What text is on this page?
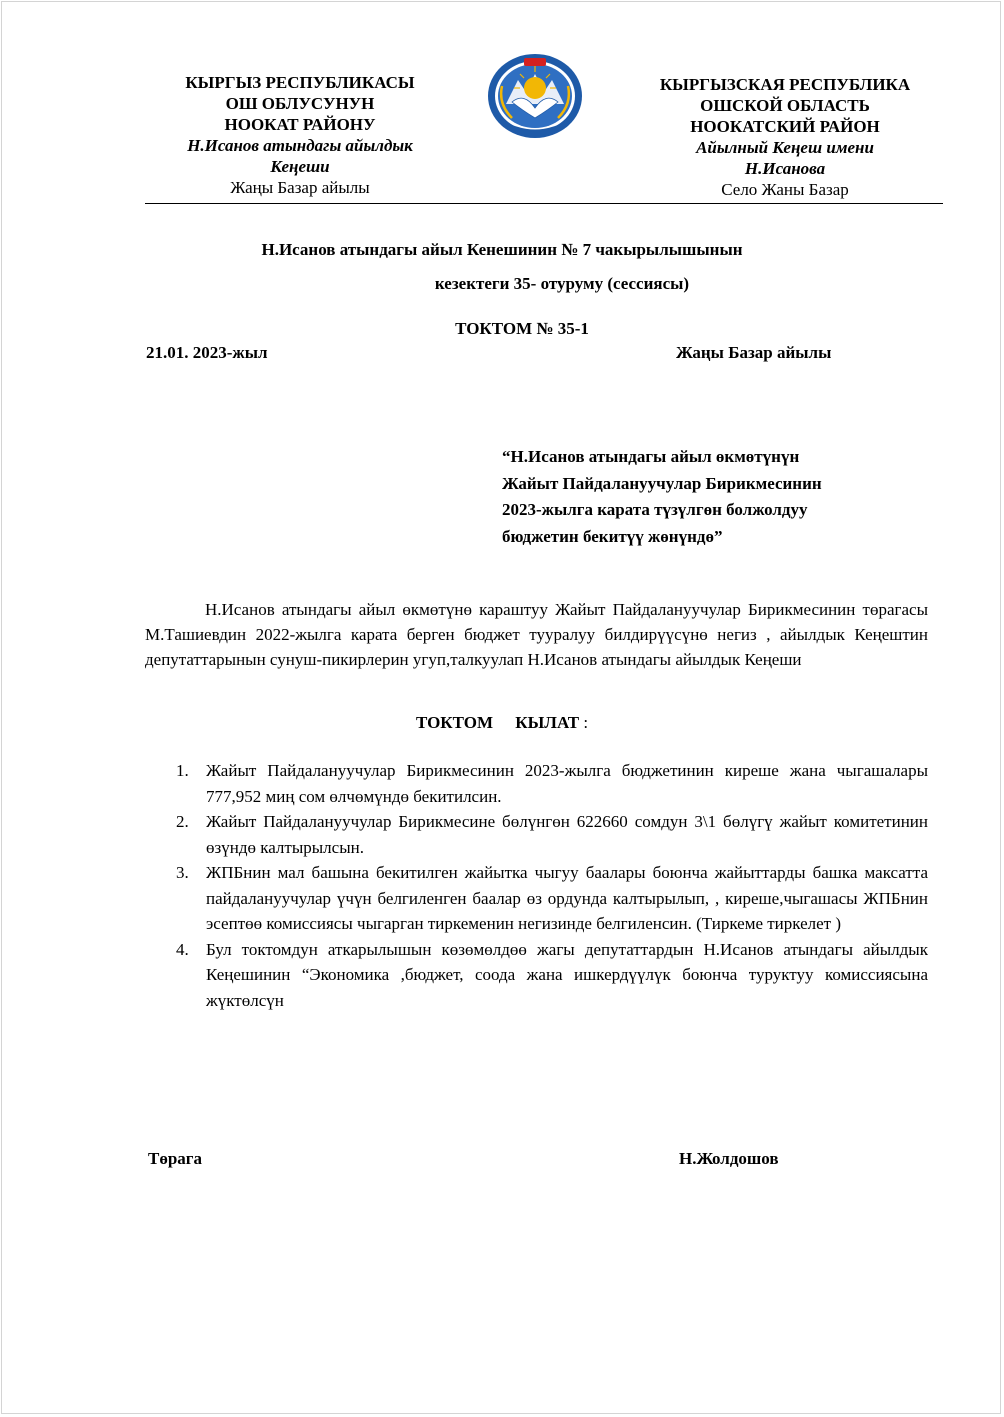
КЫРГЫЗ РЕСПУБЛИКАСЫ
ОШ ОБЛУСУНУН
НООКАТ РАЙОНУ
Н.Исанов атындагы айылдык
Кеңеши
Жаңы Базар айылы
КЫРГЫЗСКАЯ РЕСПУБЛИКА
ОШСКОЙ ОБЛАСТЬ
НООКАТСКИЙ РАЙОН
Айылный Кеңеш имени
Н.Исанова
Село Жаны Базар
Н.Исанов атындагы айыл Кенешинин № 7 чакырылышынын
кезектеги 35- отуруму (сессиясы)
ТОКТОМ № 35-1
21.01. 2023-жыл	Жаңы Базар айылы
“Н.Исанов атындагы айыл өкмөтүнүн
Жайыт Пайдалануучулар Бирикмесинин
2023-жылга карата түзүлгөн болжолдуу
бюджетин бекитүү жөнүндө”
Н.Исанов атындагы айыл өкмөтүнө караштуу Жайыт Пайдалануучулар Бирикмесинин төрагасы М.Ташиевдин 2022-жылга карата берген бюджет тууралуу билдирүүсүнө негиз , айылдык Кеңештин депутаттарынын сунуш-пикирлерин угуп,талкуулап Н.Исанов атындагы айылдык Кеңеши
ТОКТОМ КЫЛАТ :
1. Жайыт Пайдалануучулар Бирикмесинин 2023-жылга бюджетинин кирешe жана чыгашалары 777,952 миң сом өлчөмүндө бекитилсин.
2. Жайыт Пайдалануучулар Бирикмесине бөлүнгөн 622660 сомдун 3\1 бөлүгү жайыт комитетинин өзүндө калтырылсын.
3. ЖПБнин мал башына бекитилген жайытка чыгуу баалары боюнча жайыттарды башка максатта пайдалануучулар үчүн белгиленген баалар өз ордунда калтырылып, , киреше,чыгашасы ЖПБнин эсептөө комиссиясы чыгарган тиркеменин негизинде белгиленсин. (Тиркеме тиркелет )
4. Бул токтомдун аткарылышын көзөмөлдөө жагы депутаттардын Н.Исанов атындагы айылдык Кеңешинин “Экономика ,бюджет, соода жана ишкердүүлүк боюнча туруктуу комиссиясына жүктөлсүн
Төрага	Н.Жолдошов
